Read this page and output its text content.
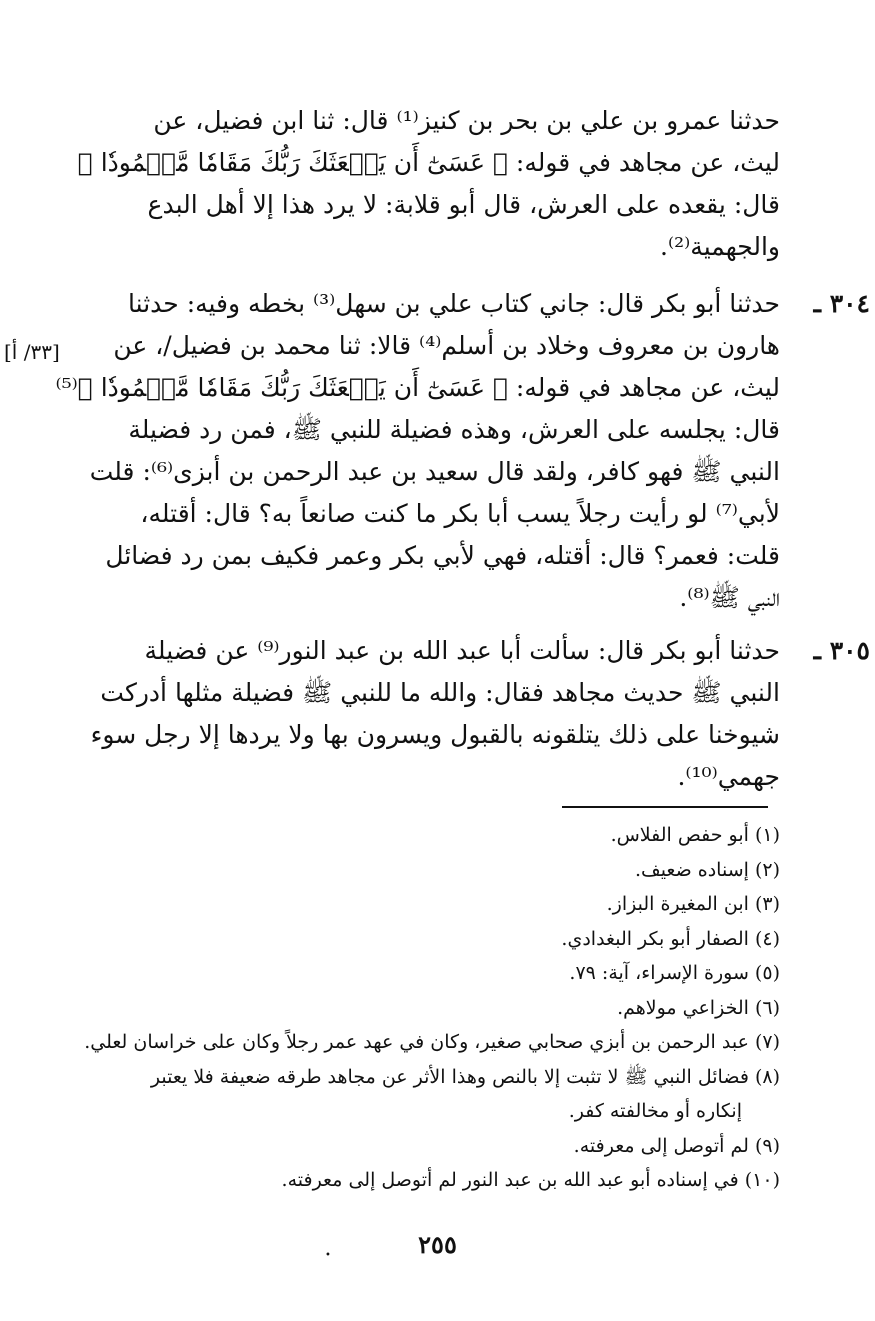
حدثنا عمرو بن علي بن بحر بن كنيز⁽¹⁾ قال: ثنا ابن فضيل، عن
ليث، عن مجاهد في قوله: ﴿ عَسَىٰٓ أَن يَبۡعَثَكَ رَبُّكَ مَقَامٗا مَّحۡمُودٗا ﴾
قال: يقعده على العرش، قال أبو قلابة: لا يرد هذا إلا أهل البدع
والجهمية⁽²⁾.
٣٠٤ ـ
حدثنا أبو بكر قال: جاني كتاب علي بن سهل⁽³⁾ بخطه وفيه: حدثنا
هارون بن معروف وخلاد بن أسلم⁽⁴⁾ قالا: ثنا محمد بن فضيل/، عن
ليث، عن مجاهد في قوله: ﴿ عَسَىٰٓ أَن يَبۡعَثَكَ رَبُّكَ مَقَامٗا مَّحۡمُودٗا ﴾⁽⁵⁾
قال: يجلسه على العرش، وهذه فضيلة للنبي ﷺ، فمن رد فضيلة
النبي ﷺ فهو كافر، ولقد قال سعيد بن عبد الرحمن بن أبزى⁽⁶⁾: قلت
لأبي⁽⁷⁾ لو رأيت رجلاً يسب أبا بكر ما كنت صانعاً به؟ قال: أقتله،
قلت: فعمر؟ قال: أقتله، فهي لأبي بكر وعمر فكيف بمن رد فضائل
النبي ﷺ⁽⁸⁾.
[٣٣/ أ]
٣٠٥ ـ
حدثنا أبو بكر قال: سألت أبا عبد الله بن عبد النور⁽⁹⁾ عن فضيلة
النبي ﷺ حديث مجاهد فقال: والله ما للنبي ﷺ فضيلة مثلها أدركت
شيوخنا على ذلك يتلقونه بالقبول ويسرون بها ولا يردها إلا رجل سوء
جهمي⁽¹⁰⁾.
(١) أبو حفص الفلاس.
(٢) إسناده ضعيف.
(٣) ابن المغيرة البزاز.
(٤) الصفار أبو بكر البغدادي.
(٥) سورة الإسراء، آية: ٧٩.
(٦) الخزاعي مولاهم.
(٧) عبد الرحمن بن أبزي صحابي صغير، وكان في عهد عمر رجلاً وكان على خراسان لعلي.
(٨) فضائل النبي ﷺ لا تثبت إلا بالنص وهذا الأثر عن مجاهد طرقه ضعيفة فلا يعتبر
إنكاره أو مخالفته كفر.
(٩) لم أتوصل إلى معرفته.
(١٠) في إسناده أبو عبد الله بن عبد النور لم أتوصل إلى معرفته.
٢٥٥
•
